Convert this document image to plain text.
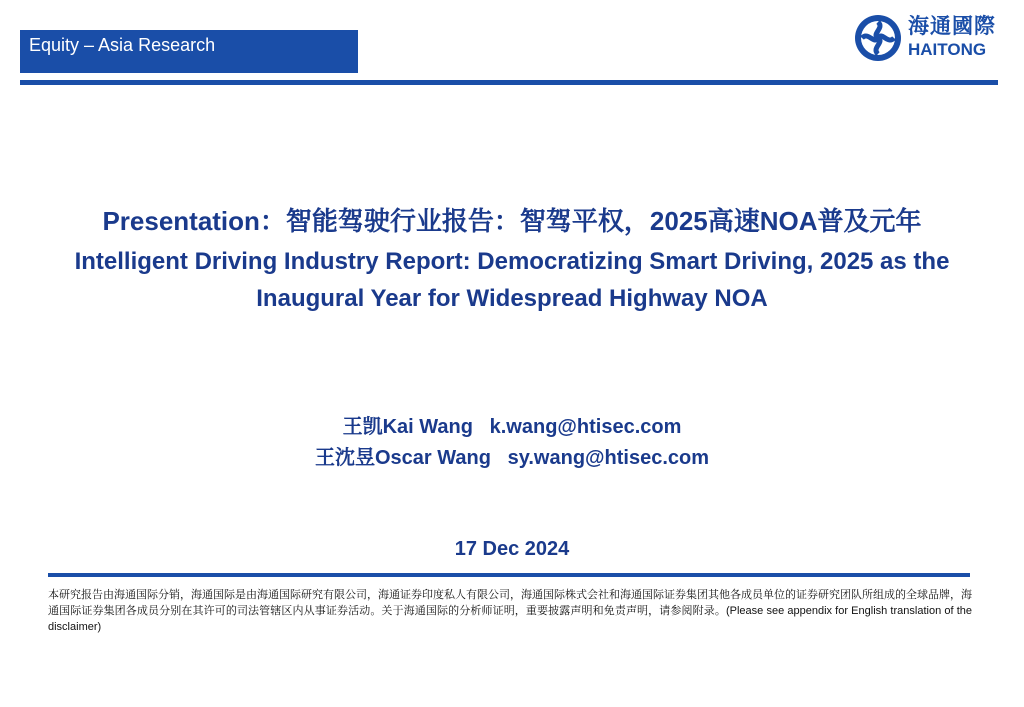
Equity – Asia Research
海通國際
HAITONG

Presentation：智能驾驶行业报告：智驾平权，2025高速NOA普及元年

Intelligent Driving Industry Report: Democratizing Smart Driving, 2025 as the Inaugural Year for Widespread Highway NOA

王凯Kai Wang k.wang@htisec.com
王沈昱Oscar Wang sy.wang@htisec.com
17 Dec 2024
本研究报告由海通国际分销，海通国际是由海通国际研究有限公司，海通证券印度私人有限公司，海通国际株式会社和海通国际证券集团其他各成员单位的证券研究团队所组成的全球品牌，海通国际证券集团各成员分别在其许可的司法管辖区内从事证券活动。关于海通国际的分析师证明，重要披露声明和免责声明，请参阅附录。(Please see appendix for English translation of the disclaimer)
